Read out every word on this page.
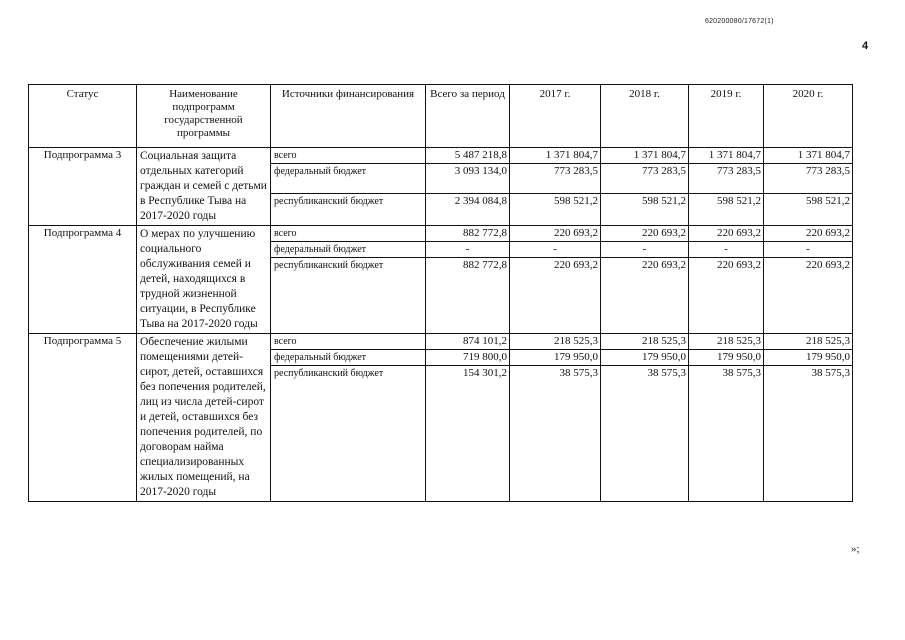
620200080/17672(1)
4
Статус	Наименование подпрограмм государственной программы	Источники финансирования	Всего за период	2017 г.	2018 г.	2019 г.	2020 г.
Подпрограмма 3	Социальная защита отдельных категорий граждан и семей с детьми в Республике Тыва на 2017-2020 годы	всего	5 487 218,8	1 371 804,7	1 371 804,7	1 371 804,7	1 371 804,7
		федеральный бюджет	3 093 134,0	773 283,5	773 283,5	773 283,5	773 283,5
		республиканский бюджет	2 394 084,8	598 521,2	598 521,2	598 521,2	598 521,2
Подпрограмма 4	О мерах по улучшению социального обслуживания семей и детей, находящихся в трудной жизненной ситуации, в Республике Тыва на 2017-2020 годы	всего	882 772,8	220 693,2	220 693,2	220 693,2	220 693,2
		федеральный бюджет	-	-	-	-	-
		республиканский бюджет	882 772,8	220 693,2	220 693,2	220 693,2	220 693,2
Подпрограмма 5	Обеспечение жилыми помещениями детей-сирот, детей, оставшихся без попечения родителей, лиц из числа детей-сирот и детей, оставшихся без попечения родителей, по договорам найма специализированных жилых помещений, на 2017-2020 годы	всего	874 101,2	218 525,3	218 525,3	218 525,3	218 525,3
		федеральный бюджет	719 800,0	179 950,0	179 950,0	179 950,0	179 950,0
		республиканский бюджет	154 301,2	38 575,3	38 575,3	38 575,3	38 575,3
»;
